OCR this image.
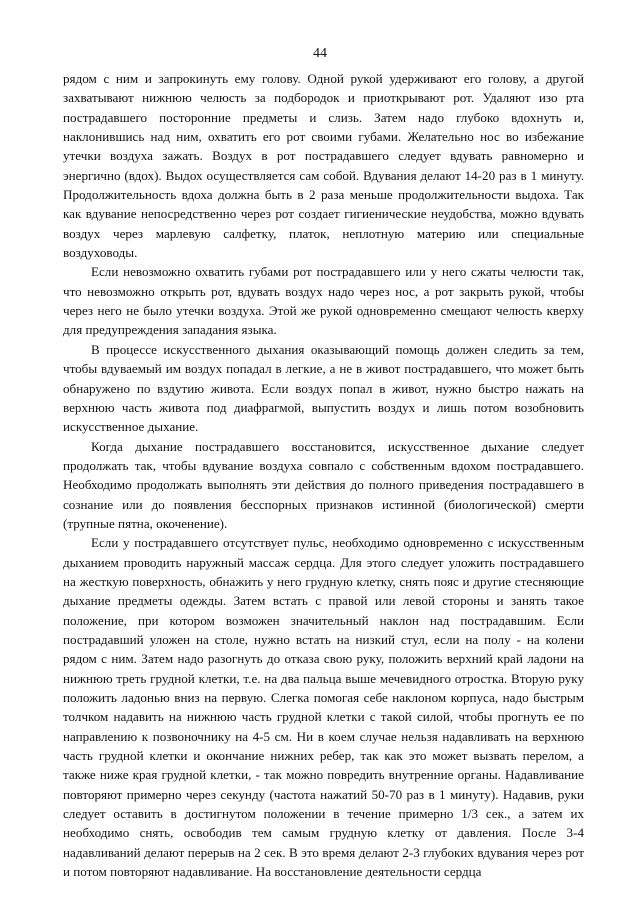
44

рядом с ним и запрокинуть ему голову. Одной рукой удерживают его голову, а другой захватывают нижнюю челюсть за подбородок и приоткрывают рот. Удаляют изо рта пострадавшего посторонние предметы и слизь. Затем надо глубоко вдохнуть и, наклонившись над ним, охватить его рот своими губами. Желательно нос во избежание утечки воздуха зажать. Воздух в рот пострадавшего следует вдувать равномерно и энергично (вдох). Выдох осуществляется сам собой. Вдувания делают 14-20 раз в 1 минуту. Продолжительность вдоха должна быть в 2 раза меньше продолжительности выдоха. Так как вдувание непосредственно через рот создает гигиенические неудобства, можно вдувать воздух через марлевую салфетку, платок, неплотную материю или специальные воздуховоды.

Если невозможно охватить губами рот пострадавшего или у него сжаты челюсти так, что невозможно открыть рот, вдувать воздух надо через нос, а рот закрыть рукой, чтобы через него не было утечки воздуха. Этой же рукой одновременно смещают челюсть кверху для предупреждения западания языка.

В процессе искусственного дыхания оказывающий помощь должен следить за тем, чтобы вдуваемый им воздух попадал в легкие, а не в живот пострадавшего, что может быть обнаружено по вздутию живота. Если воздух попал в живот, нужно быстро нажать на верхнюю часть живота под диафрагмой, выпустить воздух и лишь потом возобновить искусственное дыхание.

Когда дыхание пострадавшего восстановится, искусственное дыхание следует продолжать так, чтобы вдувание воздуха совпало с собственным вдохом пострадавшего. Необходимо продолжать выполнять эти действия до полного приведения пострадавшего в сознание или до появления бесспорных признаков истинной (биологической) смерти (трупные пятна, окоченение).

Если у пострадавшего отсутствует пульс, необходимо одновременно с искусственным дыханием проводить наружный массаж сердца. Для этого следует уложить пострадавшего на жесткую поверхность, обнажить у него грудную клетку, снять пояс и другие стесняющие дыхание предметы одежды. Затем встать с правой или левой стороны и занять такое положение, при котором возможен значительный наклон над пострадавшим. Если пострадавший уложен на столе, нужно встать на низкий стул, если на полу - на колени рядом с ним. Затем надо разогнуть до отказа свою руку, положить верхний край ладони на нижнюю треть грудной клетки, т.е. на два пальца выше мечевидного отростка. Вторую руку положить ладонью вниз на первую. Слегка помогая себе наклоном корпуса, надо быстрым толчком надавить на нижнюю часть грудной клетки с такой силой, чтобы прогнуть ее по направлению к позвоночнику на 4-5 см. Ни в коем случае нельзя надавливать на верхнюю часть грудной клетки и окончание нижних ребер, так как это может вызвать перелом, а также ниже края грудной клетки, - так можно повредить внутренние органы. Надавливание повторяют примерно через секунду (частота нажатий 50-70 раз в 1 минуту). Надавив, руки следует оставить в достигнутом положении в течение примерно 1/3 сек., а затем их необходимо снять, освободив тем самым грудную клетку от давления. После 3-4 надавливаний делают перерыв на 2 сек. В это время делают 2-3 глубоких вдувания через рот и потом повторяют надавливание. На восстановление деятельности сердца
